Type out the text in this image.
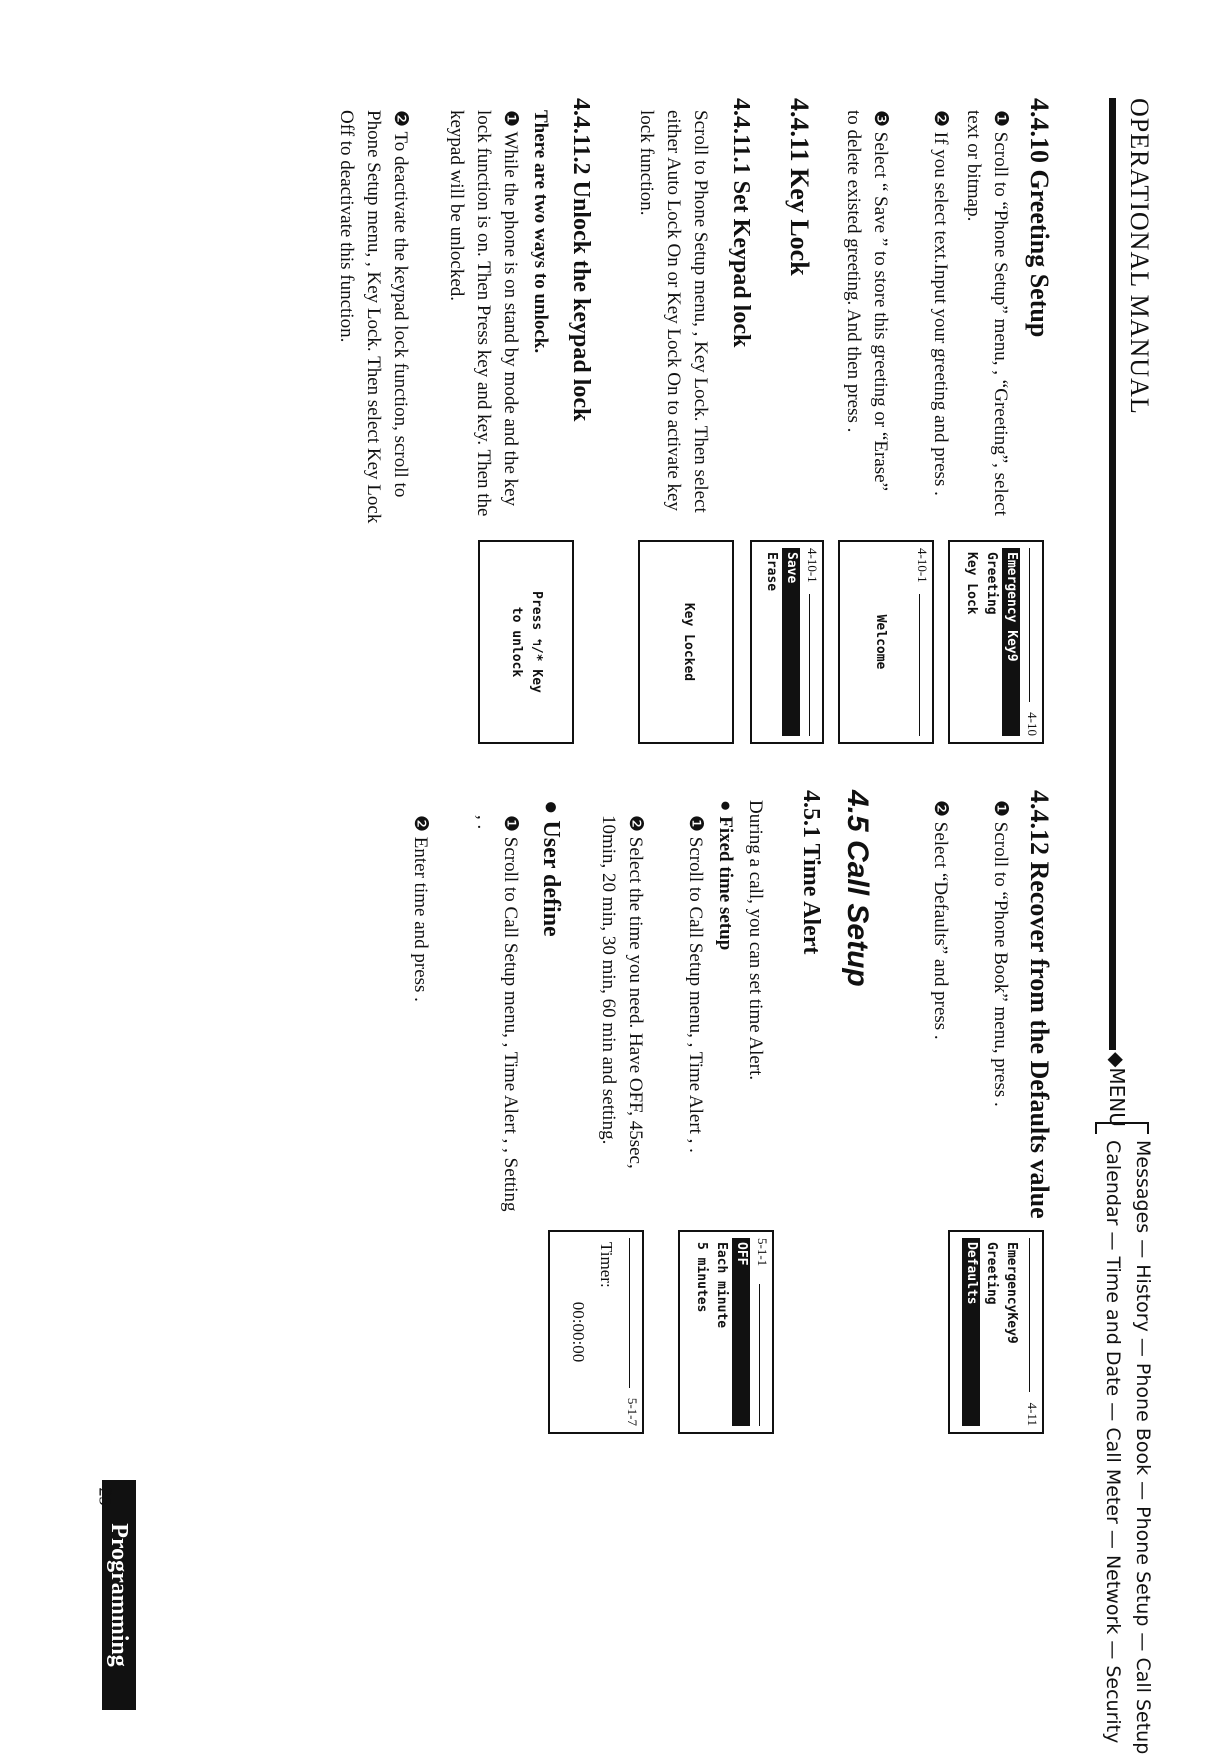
OPERATIONAL MANUAL
◆MENU
Messages — History — Phone Book — Phone Setup — Call Setup
Calendar — Time and Date — Call Meter — Network — Security
4.4.10 Greeting Setup
❶ Scroll to “Phone Setup” menu, , “Greeting”, select text or bitmap.
❷ If you select text.Input your greeting and press .
❸ Select “ Save ” to store this greeting or “Erase” to delete existed greeting. And then press .
4-10
Emergency Key9
Greeting
Key Lock
4-10-1
Welcome
4-10-1
Save
Erase
4.4.11 Key Lock
4.4.11.1 Set Keypad lock
Scroll to Phone Setup menu, , Key Lock. Then select either Auto Lock On or Key Lock On to activate key lock function.
Key Locked
4.4.11.2 Unlock the keypad lock
There are two ways to unlock.
❶ While the phone is on stand by mode and the key lock function is on. Then Press key and key. Then the keypad will be unlocked.
❷ To deactivate the keypad lock function, scroll to Phone Setup menu, , Key Lock. Then select Key Lock Off to deactivate this function.
Press ↰/* Key
to unlock
4.4.12 Recover from the Defaults value
❶ Scroll to “Phone Book” menu, press .
❷ Select “Defaults” and press .
4-11
EmergencyKey9
Greeting
Defaults
4.5 Call Setup
4.5.1 Time Alert
During a call, you can set time Alert.
● Fixed time setup
❶ Scroll to Call Setup menu, , Time Alert , .
❷ Select the time you need. Have OFF, 45sec, 10min, 20 min, 30 min, 60 min and setting.
● User define
❶ Scroll to Call Setup menu, , Time Alert , , Setting , .
❷ Enter time and press .
5-1-1
OFF
Each minute
5 minutes
5-1-7
Timer:
00:00:00
Programming Procedure
25
